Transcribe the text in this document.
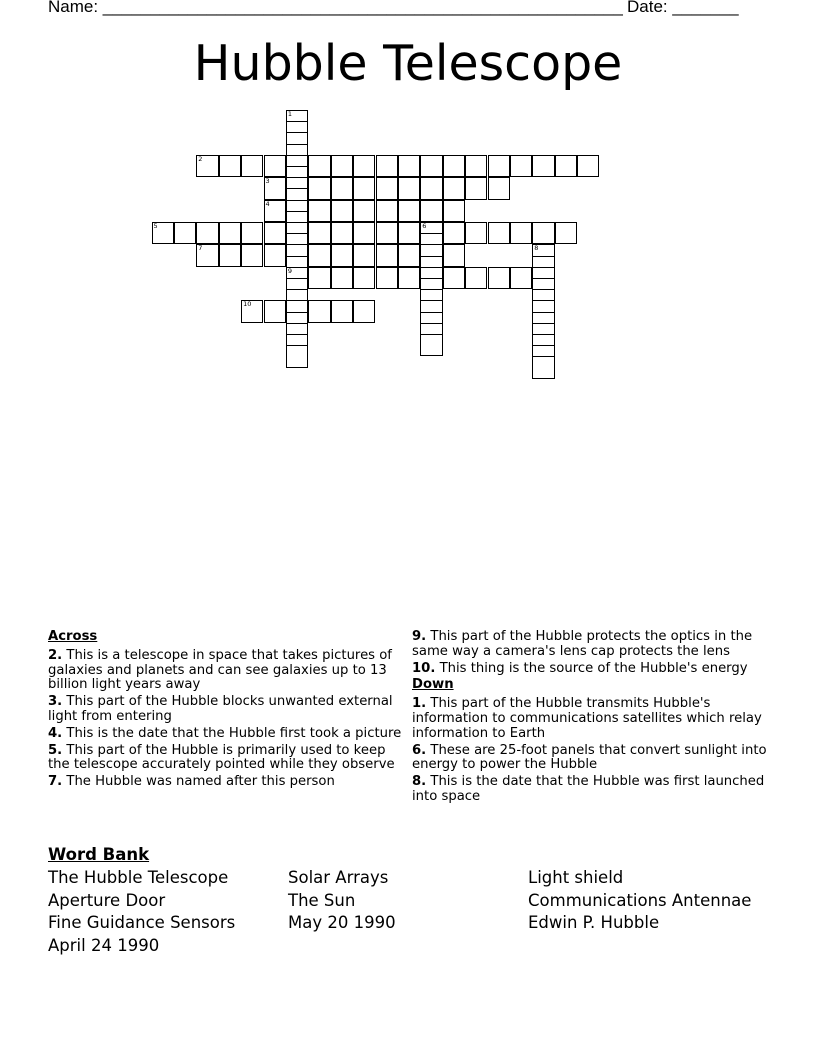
Name: _______________________________________________________ Date: _______
Hubble Telescope
1
9
2
3
4
5	6
7	8
10
Across
2. This is a telescope in space that takes pictures of galaxies and planets and can see galaxies up to 13 billion light years away
3. This part of the Hubble blocks unwanted external light from entering
4. This is the date that the Hubble first took a picture
5. This part of the Hubble is primarily used to keep the telescope accurately pointed while they observe
7. The Hubble was named after this person
9. This part of the Hubble protects the optics in the same way a camera's lens cap protects the lens
10. This thing is the source of the Hubble's energy
Down
1. This part of the Hubble transmits Hubble's information to communications satellites which relay information to Earth
6. These are 25-foot panels that convert sunlight into energy to power the Hubble
8. This is the date that the Hubble was first launched into space
Word Bank
The Hubble Telescope
Aperture Door
Fine Guidance Sensors
April 24 1990
Solar Arrays
The Sun
May 20 1990
Light shield
Communications Antennae
Edwin P. Hubble
